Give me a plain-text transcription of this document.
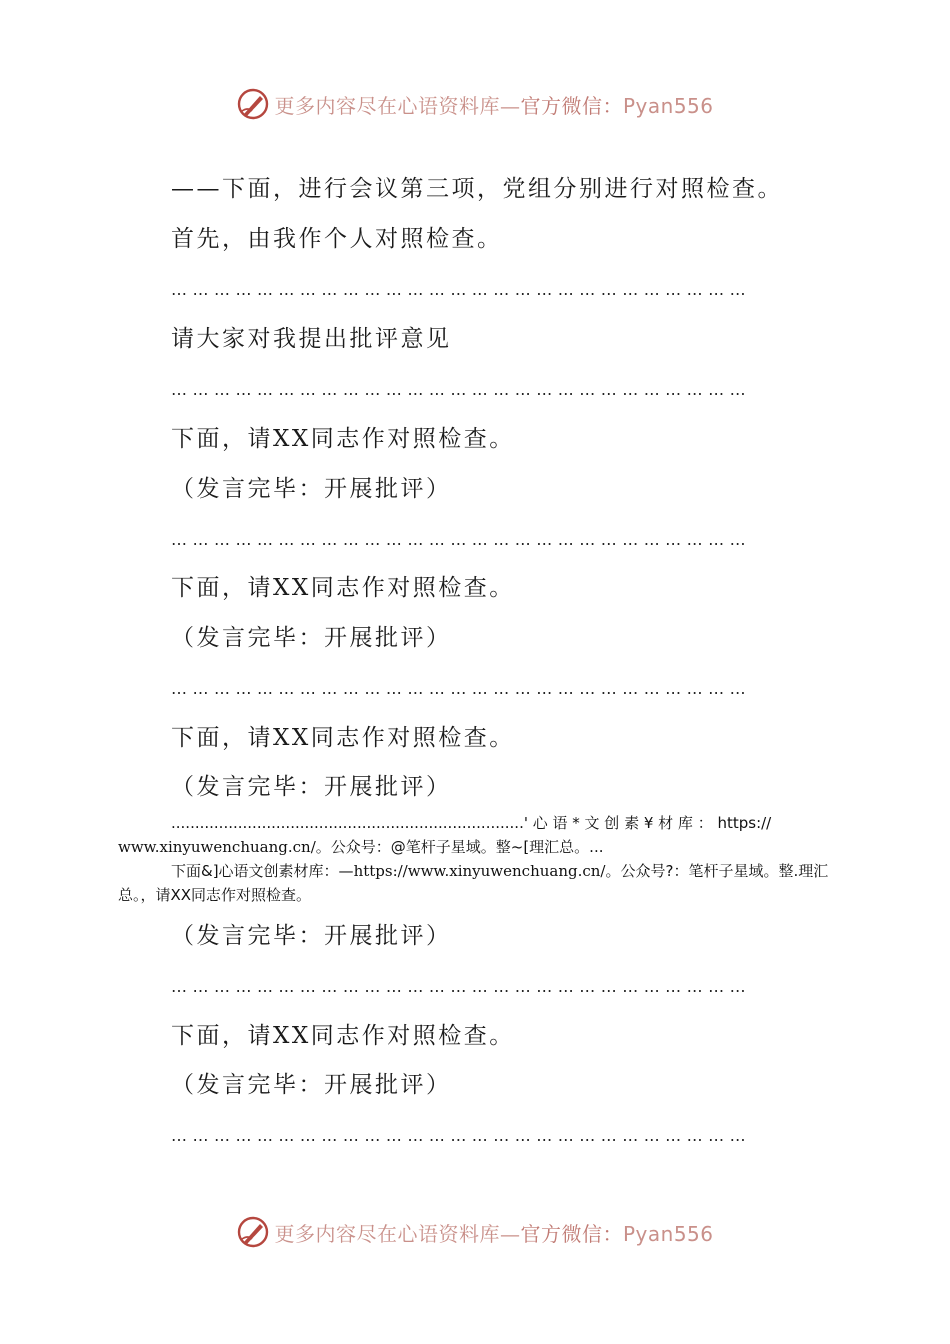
更多内容尽在心语资料库—官方微信：Pyan556
——下面，进行会议第三项，党组分别进行对照检查。
首先，由我作个人对照检查。
… … … … … … … … … … … … … … … … … … … … … … … … … … …
请大家对我提出批评意见
… … … … … … … … … … … … … … … … … … … … … … … … … … …
下面，请XX同志作对照检查。
（发言完毕：开展批评）
… … … … … … … … … … … … … … … … … … … … … … … … … … …
下面，请XX同志作对照检查。
（发言完毕：开展批评）
… … … … … … … … … … … … … … … … … … … … … … … … … … …
下面，请XX同志作对照检查。
（发言完毕：开展批评）

..........................................................................' 心 语 * 文 创 素 ¥ 材 库 ： https://
www.xinyuwenchuang.cn/。公众号：@笔杆子星域。整~[理汇总。...

下面&]心语文创素材库：—https://www.xinyuwenchuang.cn/。公众号?：笔杆子星域。整.理汇总。，请XX同志作对照检查。

（发言完毕：开展批评）
… … … … … … … … … … … … … … … … … … … … … … … … … … …
下面，请XX同志作对照检查。
（发言完毕：开展批评）
… … … … … … … … … … … … … … … … … … … … … … … … … … …
更多内容尽在心语资料库—官方微信：Pyan556
